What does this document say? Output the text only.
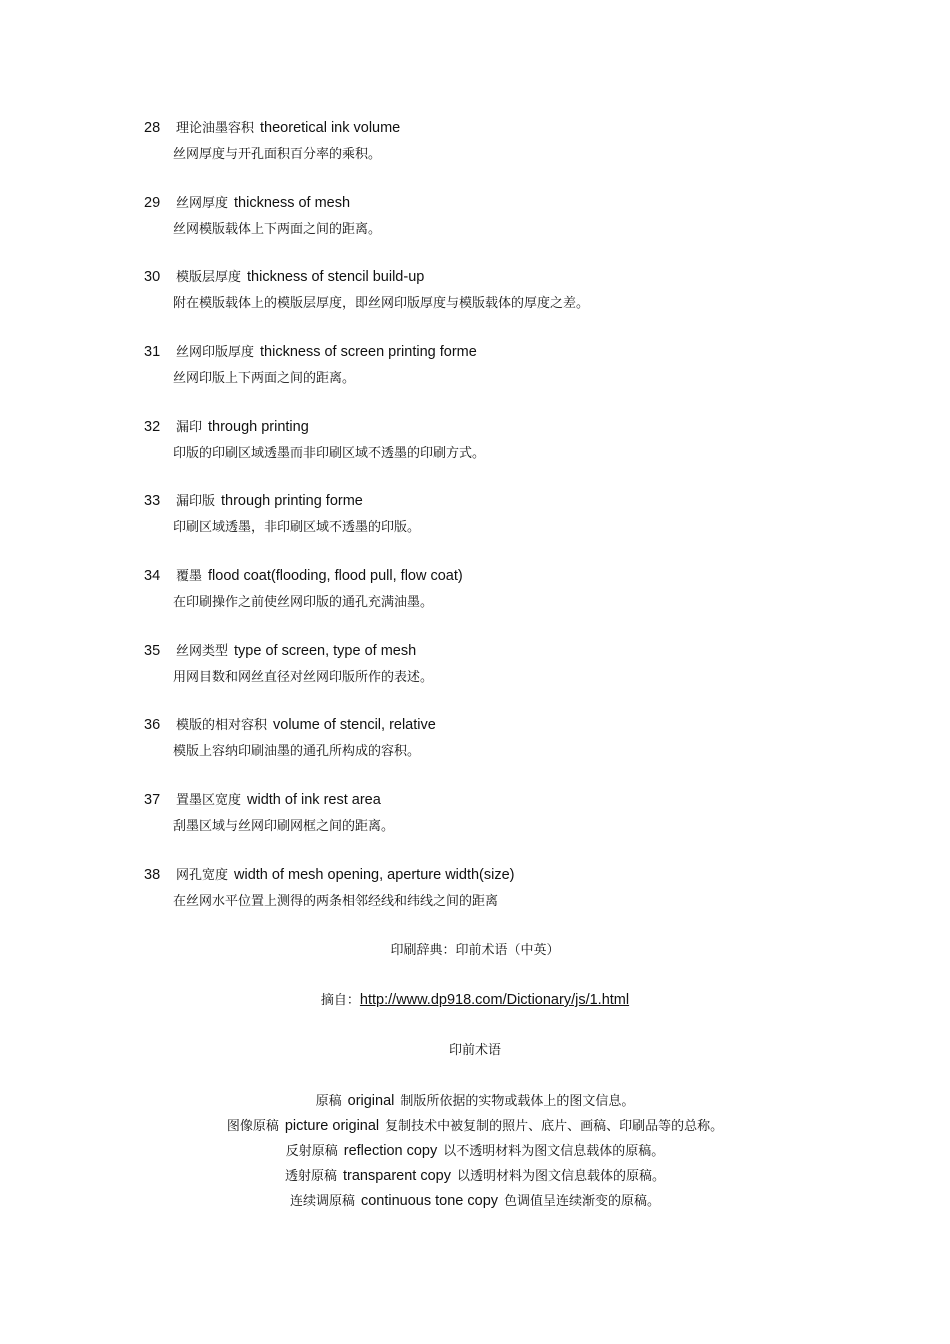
28 理论油墨容积 theoretical ink volume
丝网厚度与开孔面积百分率的乘积。
29 丝网厚度 thickness of mesh
丝网模版载体上下两面之间的距离。
30 模版层厚度 thickness of stencil build-up
附在模版载体上的模版层厚度，即丝网印版厚度与模版载体的厚度之差。
31 丝网印版厚度 thickness of screen printing forme
丝网印版上下两面之间的距离。
32 漏印 through printing
印版的印刷区域透墨而非印刷区域不透墨的印刷方式。
33 漏印版 through printing forme
印刷区域透墨，非印刷区域不透墨的印版。
34 覆墨 flood coat(flooding, flood pull, flow coat)
在印刷操作之前使丝网印版的通孔充满油墨。
35 丝网类型 type of screen, type of mesh
用网目数和网丝直径对丝网印版所作的表述。
36 模版的相对容积 volume of stencil, relative
模版上容纳印刷油墨的通孔所构成的容积。
37 置墨区宽度 width of ink rest area
刮墨区域与丝网印刷网框之间的距离。
38 网孔宽度 width of mesh opening, aperture width(size)
在丝网水平位置上测得的两条相邻经线和纬线之间的距离
印刷辞典：印前术语（中英）
摘自：http://www.dp918.com/Dictionary/js/1.html
印前术语
原稿 original 制版所依据的实物或载体上的图文信息。
图像原稿 picture original 复制技术中被复制的照片、底片、画稿、印刷品等的总称。
反射原稿 reflection copy 以不透明材料为图文信息载体的原稿。
透射原稿 transparent copy 以透明材料为图文信息载体的原稿。
连续调原稿 continuous tone copy 色调值呈连续渐变的原稿。
